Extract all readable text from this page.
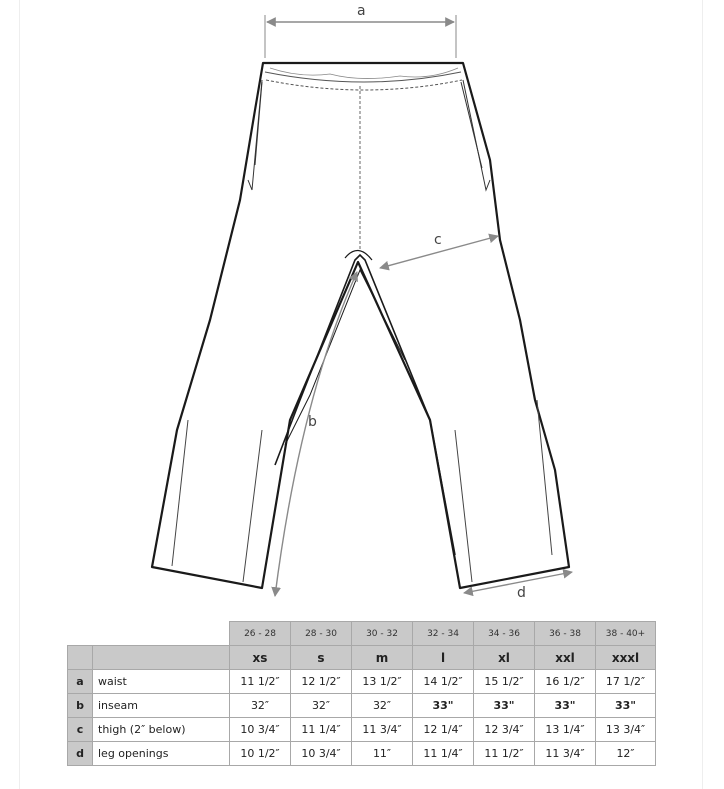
a
b
c
d
		26 - 28	28 - 30	30 - 32	32 - 34	34 - 36	36 - 38	38 - 40+
		xs	s	m	l	xl	xxl	xxxl
a	waist	11 1/2″	12 1/2″	13 1/2″	14 1/2″	15 1/2″	16 1/2″	17 1/2″
b	inseam	32″	32″	32″	33"	33"	33"	33"
c	thigh (2″ below)	10 3/4″	11 1/4″	11 3/4″	12 1/4″	12 3/4″	13 1/4″	13 3/4″
d	leg openings	10 1/2″	10 3/4″	11″	11 1/4″	11 1/2″	11 3/4″	12″
